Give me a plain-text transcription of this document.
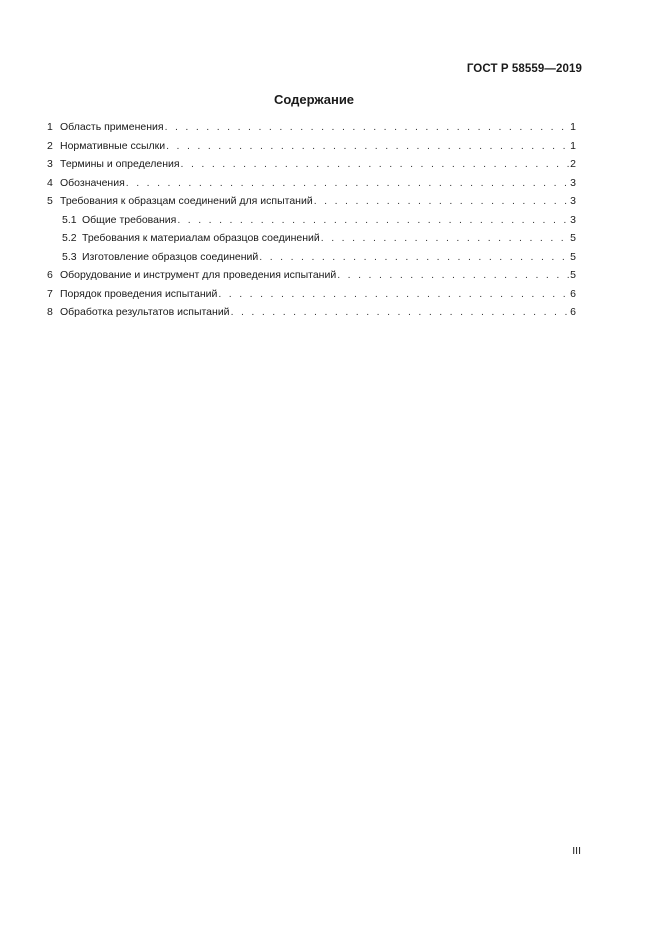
ГОСТ Р 58559—2019
Содержание
1 Область применения . . .	1
2 Нормативные ссылки . . .	1
3 Термины и определения . . .	2
4 Обозначения . . .	3
5 Требования к образцам соединений для испытаний . . .	3
5.1 Общие требования . . .	3
5.2 Требования к материалам образцов соединений . . .	5
5.3 Изготовление образцов соединений . . .	5
6 Оборудование и инструмент для проведения испытаний . . .	5
7 Порядок проведения испытаний . . .	6
8 Обработка результатов испытаний . . .	6
III
